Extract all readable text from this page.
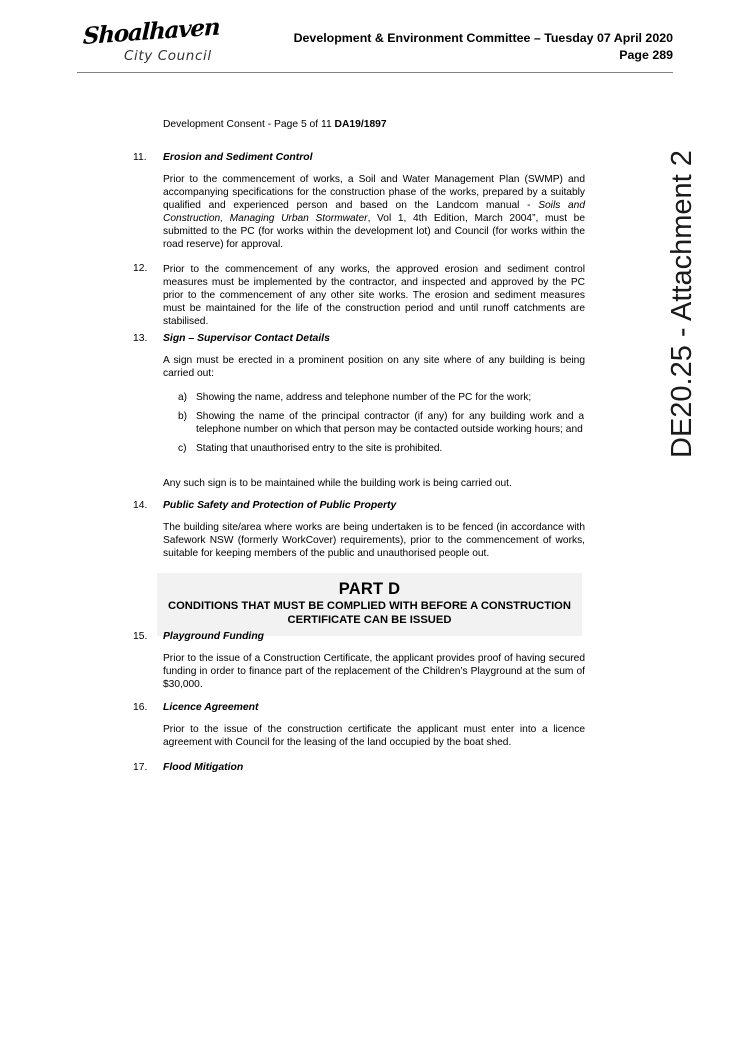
Shoalhaven
City Council
Development & Environment Committee – Tuesday 07 April 2020
Page 289
DE20.25 - Attachment 2
Development Consent - Page 5 of 11 DA19/1897
11.	Erosion and Sediment Control
Prior to the commencement of works, a Soil and Water Management Plan (SWMP) and accompanying specifications for the construction phase of the works, prepared by a suitably qualified and experienced person and based on the Landcom manual - Soils and Construction, Managing Urban Stormwater, Vol 1, 4th Edition, March 2004”, must be submitted to the PC (for works within the development lot) and Council (for works within the road reserve) for approval.
12.	Prior to the commencement of any works, the approved erosion and sediment control measures must be implemented by the contractor, and inspected and approved by the PC prior to the commencement of any other site works. The erosion and sediment measures must be maintained for the life of the construction period and until runoff catchments are stabilised.
13.	Sign – Supervisor Contact Details
A sign must be erected in a prominent position on any site where of any building is being carried out:
a) Showing the name, address and telephone number of the PC for the work;
b) Showing the name of the principal contractor (if any) for any building work and a telephone number on which that person may be contacted outside working hours; and
c) Stating that unauthorised entry to the site is prohibited.
Any such sign is to be maintained while the building work is being carried out.
14.	Public Safety and Protection of Public Property
The building site/area where works are being undertaken is to be fenced (in accordance with Safework NSW (formerly WorkCover) requirements), prior to the commencement of works, suitable for keeping members of the public and unauthorised people out.
PART D
CONDITIONS THAT MUST BE COMPLIED WITH BEFORE A CONSTRUCTION CERTIFICATE CAN BE ISSUED
15.	Playground Funding
Prior to the issue of a Construction Certificate, the applicant provides proof of having secured funding in order to finance part of the replacement of the Children’s Playground at the sum of $30,000.
16.	Licence Agreement
Prior to the issue of the construction certificate the applicant must enter into a licence agreement with Council for the leasing of the land occupied by the boat shed.
17.	Flood Mitigation
